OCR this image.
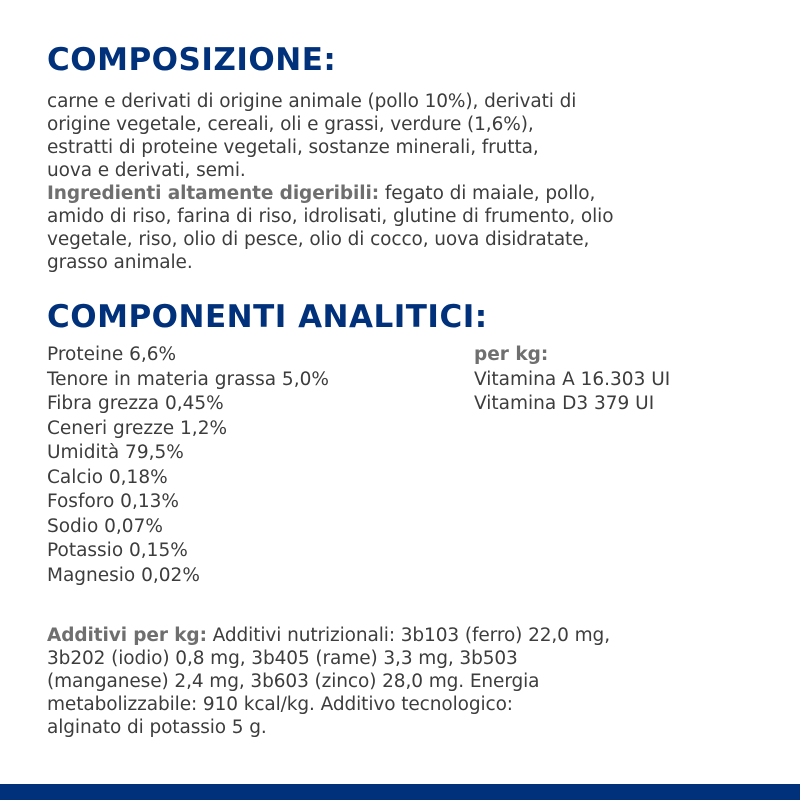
COMPOSIZIONE:
carne e derivati di origine animale (pollo 10%), derivati di
origine vegetale, cereali, oli e grassi, verdure (1,6%),
estratti di proteine vegetali, sostanze minerali, frutta,
uova e derivati, semi.
Ingredienti altamente digeribili: fegato di maiale, pollo,
amido di riso, farina di riso, idrolisati, glutine di frumento, olio
vegetale, riso, olio di pesce, olio di cocco, uova disidratate,
grasso animale.
COMPONENTI ANALITICI:
Proteine 6,6%
Tenore in materia grassa 5,0%
Fibra grezza 0,45%
Ceneri grezze 1,2%
Umidità 79,5%
Calcio 0,18%
Fosforo 0,13%
Sodio 0,07%
Potassio 0,15%
Magnesio 0,02%
per kg:
Vitamina A 16.303 UI
Vitamina D3 379 UI
Additivi per kg: Additivi nutrizionali: 3b103 (ferro) 22,0 mg,
3b202 (iodio) 0,8 mg, 3b405 (rame) 3,3 mg, 3b503
(manganese) 2,4 mg, 3b603 (zinco) 28,0 mg. Energia
metabolizzabile: 910 kcal/kg. Additivo tecnologico:
alginato di potassio 5 g.
